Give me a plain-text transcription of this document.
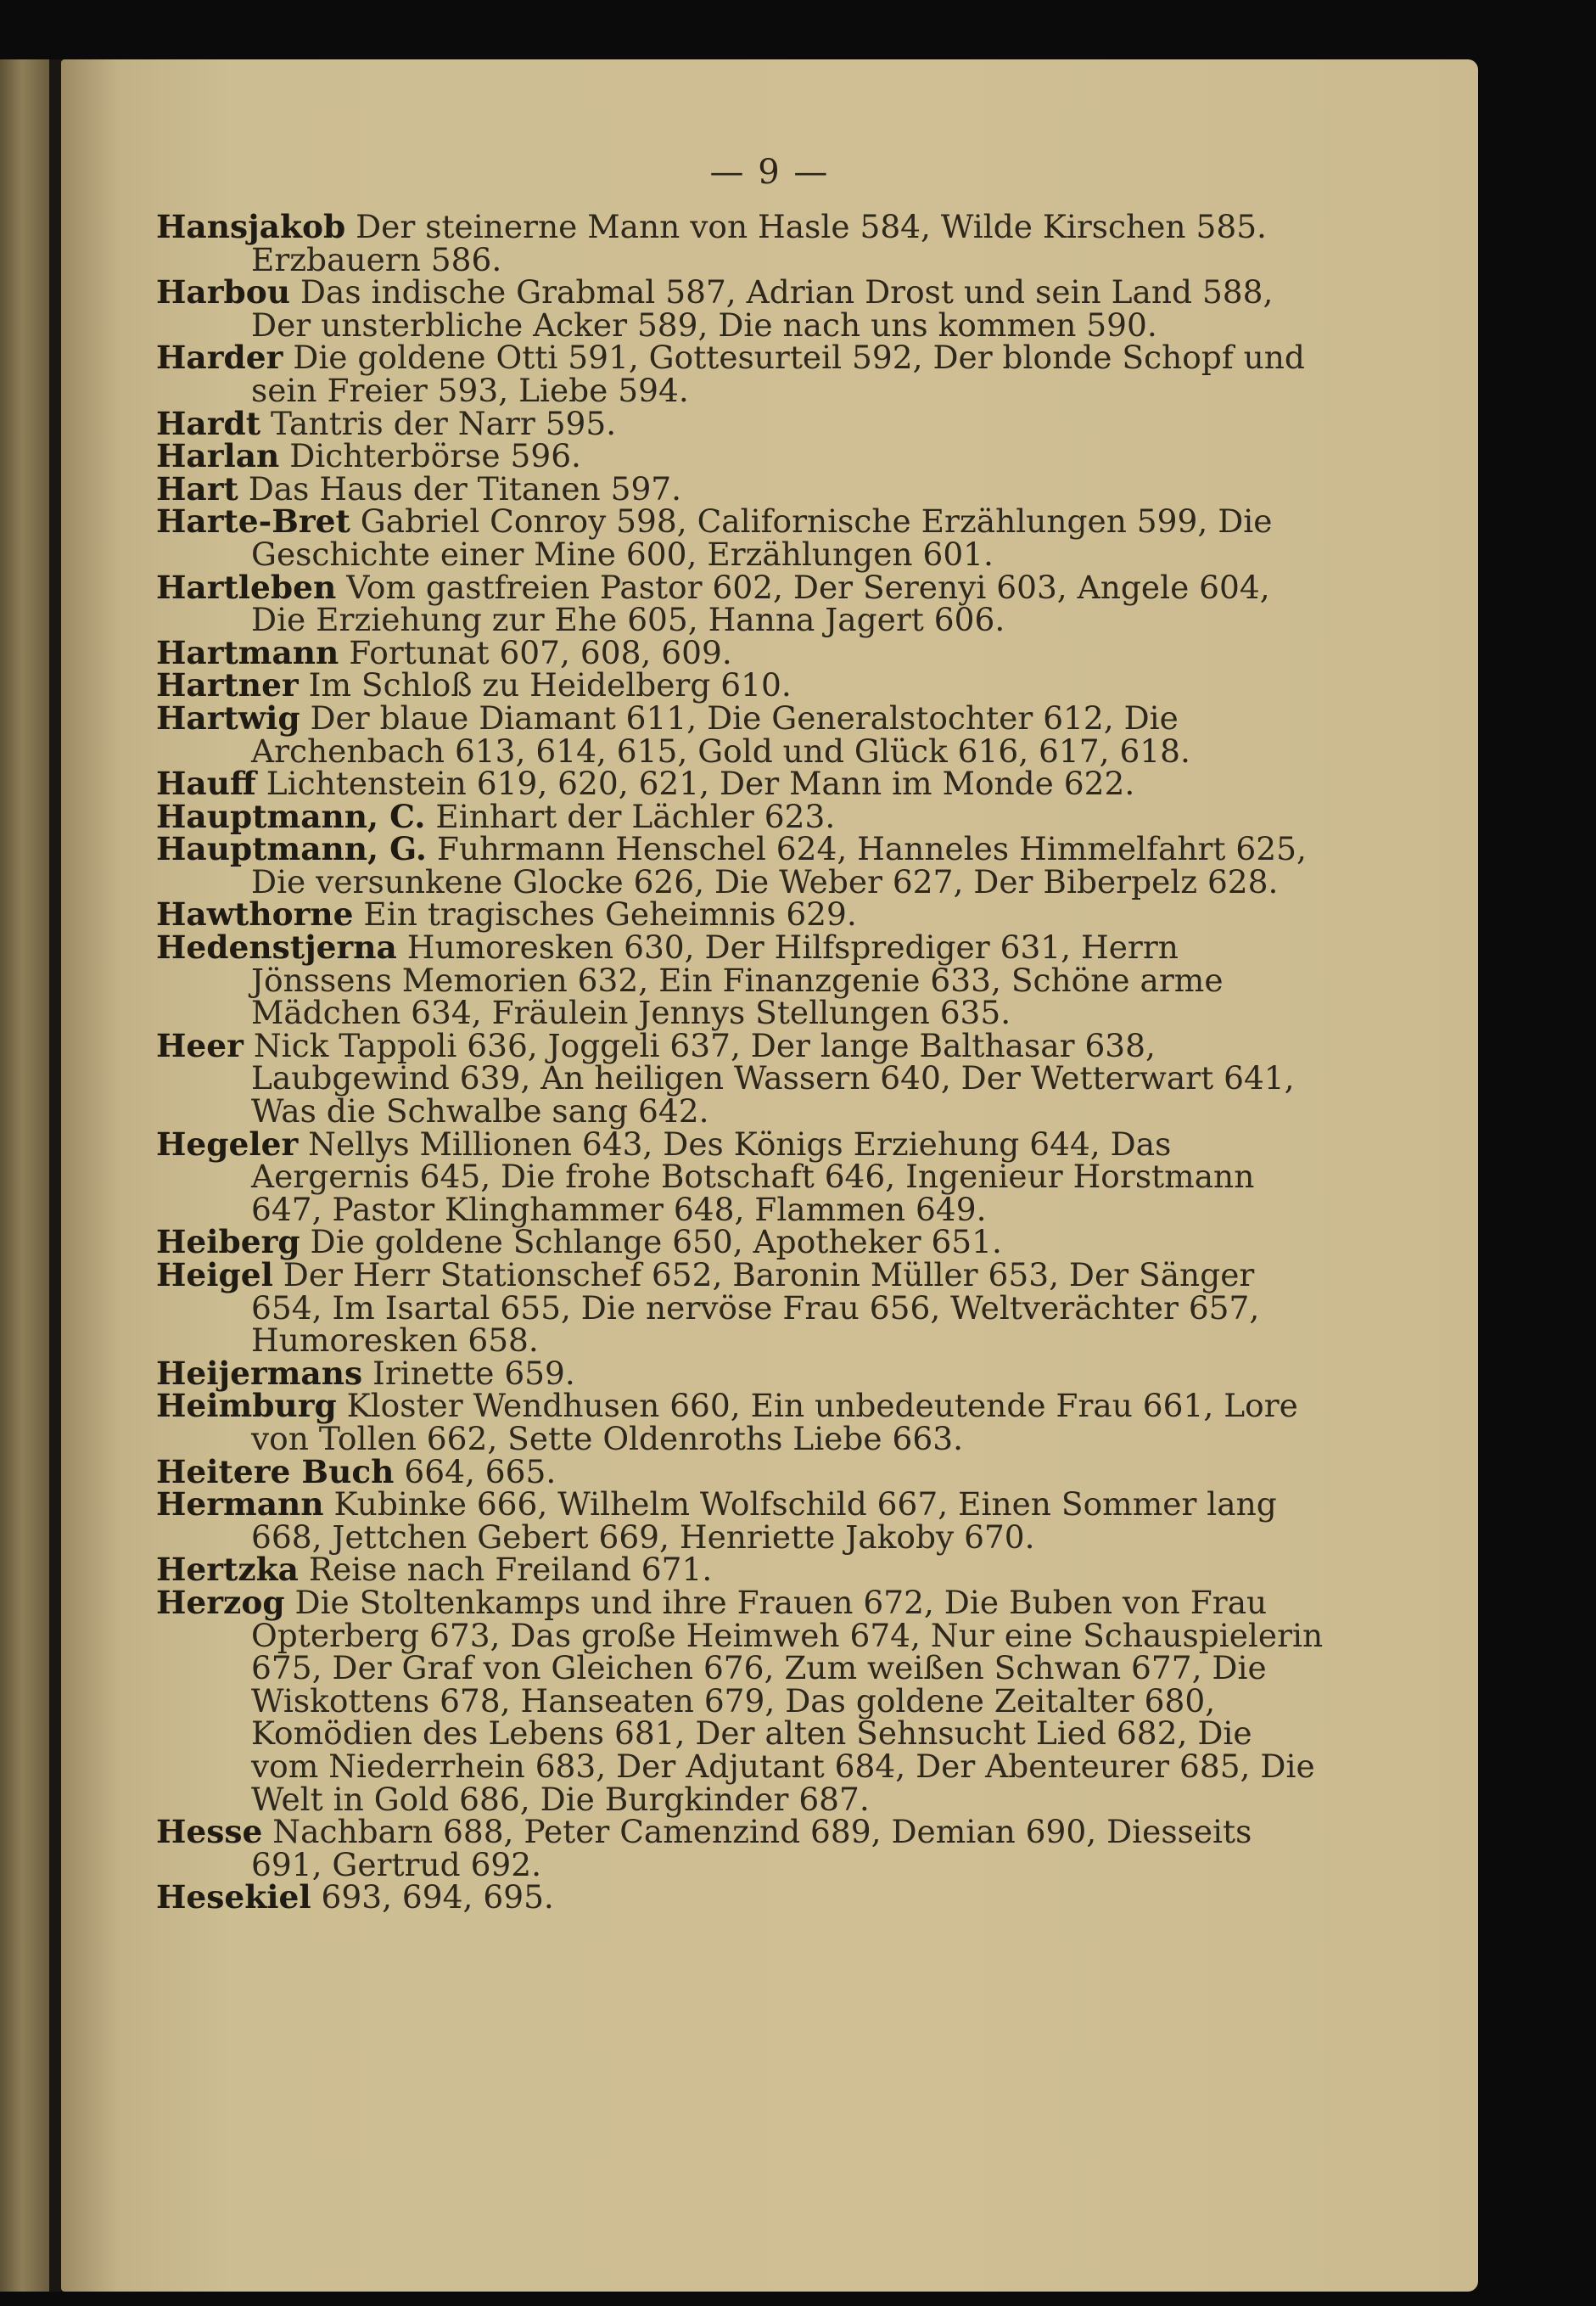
— 9 —
Hansjakob Der steinerne Mann von Hasle 584, Wilde Kirschen 585. Erzbauern 586.
Harbou Das indische Grabmal 587, Adrian Drost und sein Land 588, Der unsterbliche Acker 589, Die nach uns kommen 590.
Harder Die goldene Otti 591, Gottesurteil 592, Der blonde Schopf und sein Freier 593, Liebe 594.
Hardt Tantris der Narr 595.
Harlan Dichterbörse 596.
Hart Das Haus der Titanen 597.
Harte-Bret Gabriel Conroy 598, Californische Erzählungen 599, Die Geschichte einer Mine 600, Erzählungen 601.
Hartleben Vom gastfreien Pastor 602, Der Serenyi 603, Angele 604, Die Erziehung zur Ehe 605, Hanna Jagert 606.
Hartmann Fortunat 607, 608, 609.
Hartner Im Schloß zu Heidelberg 610.
Hartwig Der blaue Diamant 611, Die Generalstochter 612, Die Archenbach 613, 614, 615, Gold und Glück 616, 617, 618.
Hauff Lichtenstein 619, 620, 621, Der Mann im Monde 622.
Hauptmann, C. Einhart der Lächler 623.
Hauptmann, G. Fuhrmann Henschel 624, Hanneles Himmelfahrt 625, Die versunkene Glocke 626, Die Weber 627, Der Biberpelz 628.
Hawthorne Ein tragisches Geheimnis 629.
Hedenstjerna Humoresken 630, Der Hilfsprediger 631, Herrn Jönssens Memorien 632, Ein Finanzgenie 633, Schöne arme Mädchen 634, Fräulein Jennys Stellungen 635.
Heer Nick Tappoli 636, Joggeli 637, Der lange Balthasar 638, Laubgewind 639, An heiligen Wassern 640, Der Wetterwart 641, Was die Schwalbe sang 642.
Hegeler Nellys Millionen 643, Des Königs Erziehung 644, Das Aergernis 645, Die frohe Botschaft 646, Ingenieur Horstmann 647, Pastor Klinghammer 648, Flammen 649.
Heiberg Die goldene Schlange 650, Apotheker 651.
Heigel Der Herr Stationschef 652, Baronin Müller 653, Der Sänger 654, Im Isartal 655, Die nervöse Frau 656, Weltverächter 657, Humoresken 658.
Heijermans Irinette 659.
Heimburg Kloster Wendhusen 660, Ein unbedeutende Frau 661, Lore von Tollen 662, Sette Oldenroths Liebe 663.
Heitere Buch 664, 665.
Hermann Kubinke 666, Wilhelm Wolfschild 667, Einen Sommer lang 668, Jettchen Gebert 669, Henriette Jakoby 670.
Hertzka Reise nach Freiland 671.
Herzog Die Stoltenkamps und ihre Frauen 672, Die Buben von Frau Opterberg 673, Das große Heimweh 674, Nur eine Schauspielerin 675, Der Graf von Gleichen 676, Zum weißen Schwan 677, Die Wiskottens 678, Hanseaten 679, Das goldene Zeitalter 680, Komödien des Lebens 681, Der alten Sehnsucht Lied 682, Die vom Niederrhein 683, Der Adjutant 684, Der Abenteurer 685, Die Welt in Gold 686, Die Burgkinder 687.
Hesse Nachbarn 688, Peter Camenzind 689, Demian 690, Diesseits 691, Gertrud 692.
Hesekiel 693, 694, 695.
